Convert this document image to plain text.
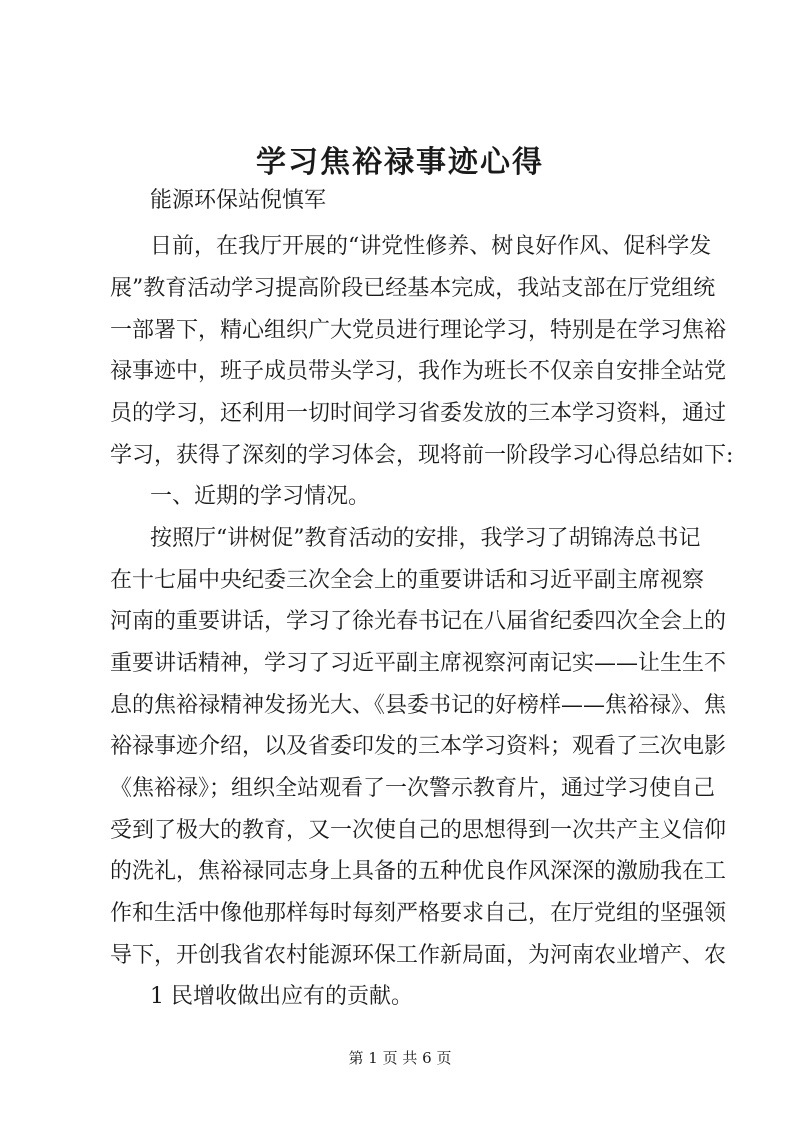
学习焦裕禄事迹心得

能源环保站倪慎军

日前，在我厅开展的“讲党性修养、树良好作风、促科学发

展”教育活动学习提高阶段已经基本完成，我站支部在厅党组统

一部署下，精心组织广大党员进行理论学习，特别是在学习焦裕

禄事迹中，班子成员带头学习，我作为班长不仅亲自安排全站党

员的学习，还利用一切时间学习省委发放的三本学习资料，通过

学习，获得了深刻的学习体会，现将前一阶段学习心得总结如下:

一、近期的学习情况。

按照厅“讲树促”教育活动的安排，我学习了胡锦涛总书记

在十七届中央纪委三次全会上的重要讲话和习近平副主席视察

河南的重要讲话，学习了徐光春书记在八届省纪委四次全会上的

重要讲话精神，学习了习近平副主席视察河南记实——让生生不

息的焦裕禄精神发扬光大、《县委书记的好榜样——焦裕禄》、焦

裕禄事迹介绍，以及省委印发的三本学习资料；观看了三次电影

《焦裕禄》；组织全站观看了一次警示教育片，通过学习使自己

受到了极大的教育，又一次使自己的思想得到一次共产主义信仰

的洗礼，焦裕禄同志身上具备的五种优良作风深深的激励我在工

作和生活中像他那样每时每刻严格要求自己，在厅党组的坚强领

导下，开创我省农村能源环保工作新局面，为河南农业增产、农

1 民增收做出应有的贡献。

第 1 页 共 6 页
